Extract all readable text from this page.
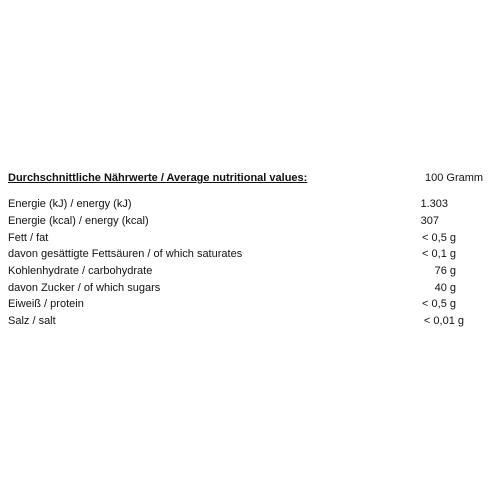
Durchschnittliche Nährwerte / Average nutritional values:	100 Gramm
Energie (kJ) / energy (kJ)	1.303
Energie (kcal) / energy (kcal)	307
Fett / fat	< 0,5 g
davon gesättigte Fettsäuren / of which saturates	< 0,1 g
Kohlenhydrate / carbohydrate	76 g
davon Zucker / of which sugars	40 g
Eiweiß / protein	< 0,5 g
Salz / salt	< 0,01 g
